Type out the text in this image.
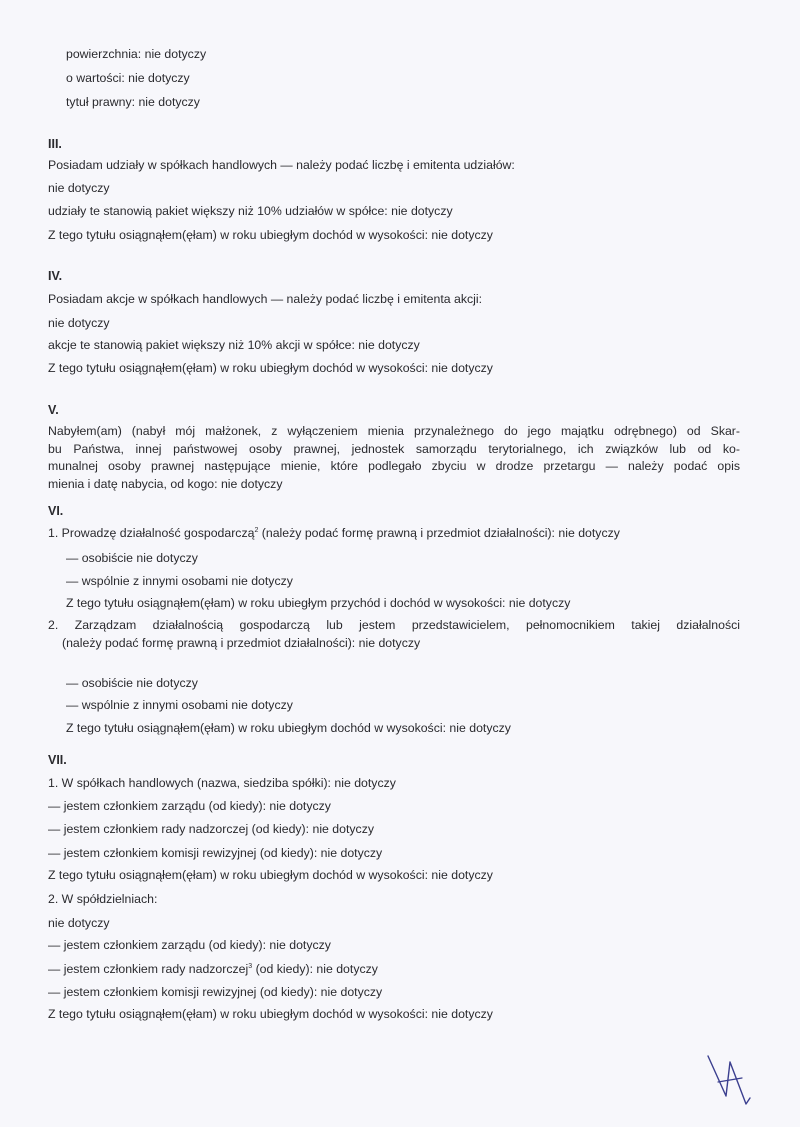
powierzchnia: nie dotyczy
o wartości: nie dotyczy
tytuł prawny: nie dotyczy
III.
Posiadam udziały w spółkach handlowych — należy podać liczbę i emitenta udziałów:
nie dotyczy
udziały te stanowią pakiet większy niż 10% udziałów w spółce: nie dotyczy
Z tego tytułu osiągnąłem(ęłam) w roku ubiegłym dochód w wysokości: nie dotyczy
IV.
Posiadam akcje w spółkach handlowych — należy podać liczbę i emitenta akcji:
nie dotyczy
akcje te stanowią pakiet większy niż 10% akcji w spółce: nie dotyczy
Z tego tytułu osiągnąłem(ęłam) w roku ubiegłym dochód w wysokości: nie dotyczy
V.
Nabyłem(am) (nabył mój małżonek, z wyłączeniem mienia przynależnego do jego majątku odrębnego) od Skar-
bu Państwa, innej państwowej osoby prawnej, jednostek samorządu terytorialnego, ich związków lub od ko-
munalnej osoby prawnej następujące mienie, które podlegało zbyciu w drodze przetargu — należy podać opis
mienia i datę nabycia, od kogo: nie dotyczy
VI.
1. Prowadzę działalność gospodarczą$^2$ (należy podać formę prawną i przedmiot działalności): nie dotyczy
— osobiście nie dotyczy
— wspólnie z innymi osobami nie dotyczy
Z tego tytułu osiągnąłem(ęłam) w roku ubiegłym przychód i dochód w wysokości: nie dotyczy
2. Zarządzam działalnością gospodarczą lub jestem przedstawicielem, pełnomocnikiem takiej działalności
(należy podać formę prawną i przedmiot działalności): nie dotyczy
— osobiście nie dotyczy
— wspólnie z innymi osobami nie dotyczy
Z tego tytułu osiągnąłem(ęłam) w roku ubiegłym dochód w wysokości: nie dotyczy
VII.
1. W spółkach handlowych (nazwa, siedziba spółki): nie dotyczy
— jestem członkiem zarządu (od kiedy): nie dotyczy
— jestem członkiem rady nadzorczej (od kiedy): nie dotyczy
— jestem członkiem komisji rewizyjnej (od kiedy): nie dotyczy
Z tego tytułu osiągnąłem(ęłam) w roku ubiegłym dochód w wysokości: nie dotyczy
2. W spółdzielniach:
nie dotyczy
— jestem członkiem zarządu (od kiedy): nie dotyczy
— jestem członkiem rady nadzorczej$^3$ (od kiedy): nie dotyczy
— jestem członkiem komisji rewizyjnej (od kiedy): nie dotyczy
Z tego tytułu osiągnąłem(ęłam) w roku ubiegłym dochód w wysokości: nie dotyczy
